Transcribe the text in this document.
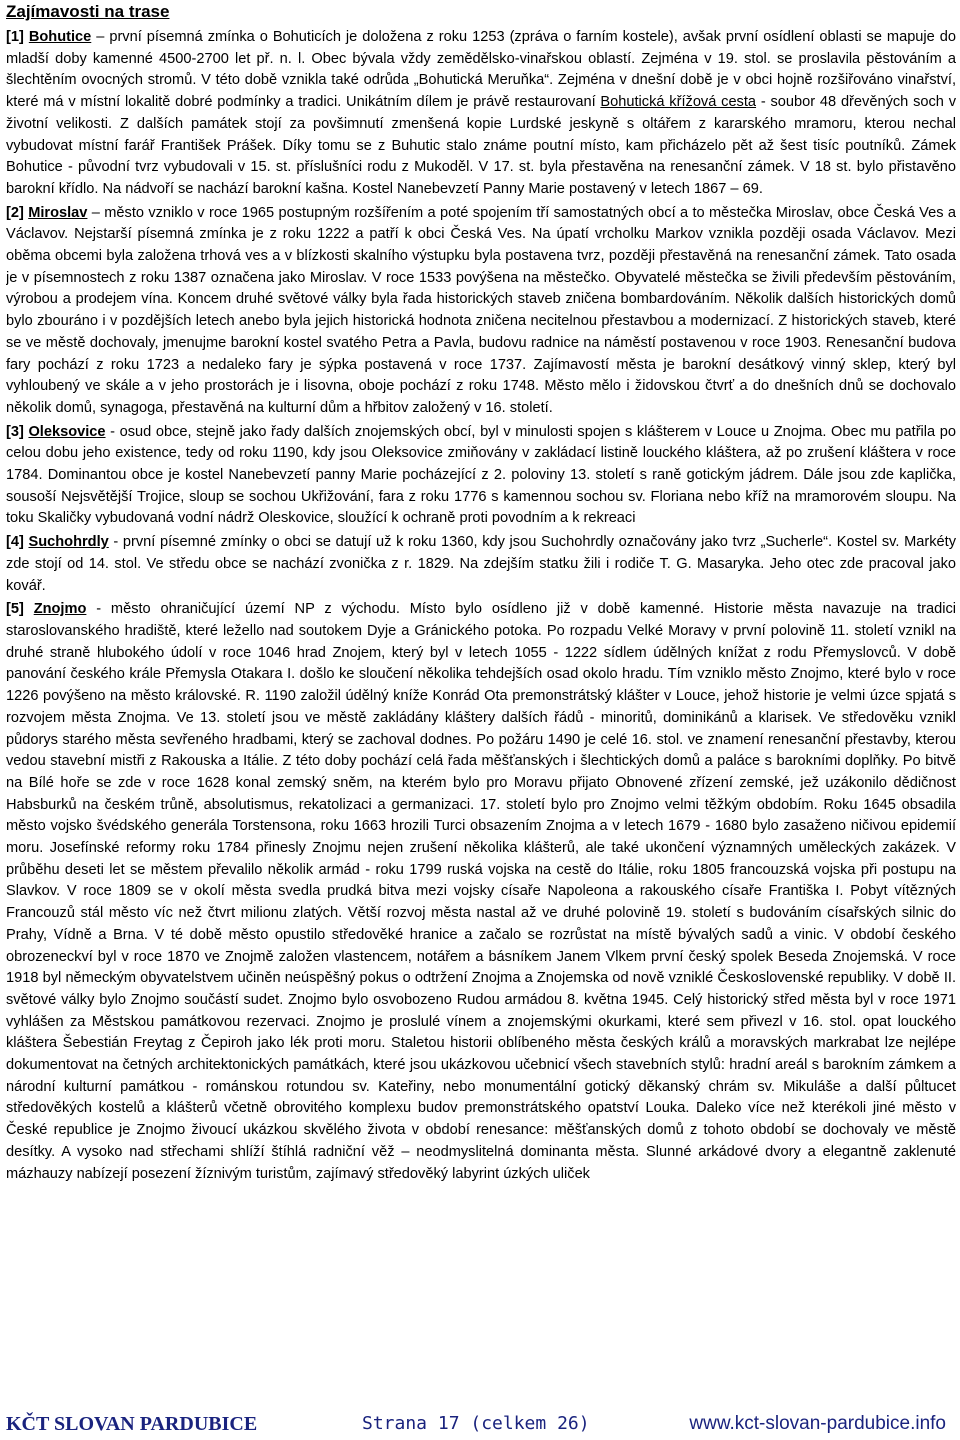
Zajímavosti na trase

[1] Bohutice – první písemná zmínka o Bohuticích je doložena z roku 1253 (zpráva o farním kostele), avšak první osídlení oblasti se mapuje do mladší doby kamenné 4500-2700 let př. n. l. Obec bývala vždy zemědělsko-vinařskou oblastí. Zejména v 19. stol. se proslavila pěstováním a šlechtěním ovocných stromů. V této době vznikla také odrůda „Bohutická Meruňka“. Zejména v dnešní době je v obci hojně rozšiřováno vinařství, které má v místní lokalitě dobré podmínky a tradici. Unikátním dílem je právě restaurovaní Bohutická křížová cesta - soubor 48 dřevěných soch v životní velikosti. Z dalších památek stojí za povšimnutí zmenšená kopie Lurdské jeskyně s oltářem z kararského mramoru, kterou nechal vybudovat místní farář František Prášek. Díky tomu se z Buhutic stalo známe poutní místo, kam přicházelo pět až šest tisíc poutníků. Zámek Bohutice - původní tvrz vybudovali v 15. st. příslušníci rodu z Mukoděl. V 17. st. byla přestavěna na renesanční zámek. V 18 st. bylo přistavěno barokní křídlo. Na nádvoří se nachází barokní kašna. Kostel Nanebevzetí Panny Marie postavený v letech 1867 – 69.

[2] Miroslav – město vzniklo v roce 1965 postupným rozšířením a poté spojením tří samostatných obcí a to městečka Miroslav, obce Česká Ves a Václavov. Nejstarší písemná zmínka je z roku 1222 a patří k obci Česká Ves. Na úpatí vrcholku Markov vznikla později osada Václavov. Mezi oběma obcemi byla založena trhová ves a v blízkosti skalního výstupku byla postavena tvrz, později přestavěná na renesanční zámek. Tato osada je v písemnostech z roku 1387 označena jako Miroslav. V roce 1533 povýšena na městečko. Obyvatelé městečka se živili především pěstováním, výrobou a prodejem vína. Koncem druhé světové války byla řada historických staveb zničena bombardováním. Několik dalších historických domů bylo zbouráno i v pozdějších letech anebo byla jejich historická hodnota zničena necitelnou přestavbou a modernizací. Z historických staveb, které se ve městě dochovaly, jmenujme barokní kostel svatého Petra a Pavla, budovu radnice na náměstí postavenou v roce 1903. Renesanční budova fary pochází z roku 1723 a nedaleko fary je sýpka postavená v roce 1737. Zajímavostí města je barokní desátkový vinný sklep, který byl vyhloubený ve skále a v jeho prostorách je i lisovna, oboje pochází z roku 1748. Město mělo i židovskou čtvrť a do dnešních dnů se dochovalo několik domů, synagoga, přestavěná na kulturní dům a hřbitov založený v 16. století.

[3] Oleksovice - osud obce, stejně jako řady dalších znojemských obcí, byl v minulosti spojen s klášterem v Louce u Znojma. Obec mu patřila po celou dobu jeho existence, tedy od roku 1190, kdy jsou Oleksovice zmiňovány v zakládací listině louckého kláštera, až po zrušení kláštera v roce 1784. Dominantou obce je kostel Nanebevzetí panny Marie pocházející z 2. poloviny 13. století s raně gotickým jádrem. Dále jsou zde kaplička, sousoší Nejsvětější Trojice, sloup se sochou Ukřižování, fara z roku 1776 s kamennou sochou sv. Floriana nebo kříž na mramorovém sloupu. Na toku Skaličky vybudovaná vodní nádrž Oleskovice, sloužící k ochraně proti povodním a k rekreaci

[4] Suchohrdly - první písemné zmínky o obci se datují už k roku 1360, kdy jsou Suchohrdly označovány jako tvrz „Sucherle“. Kostel sv. Markéty zde stojí od 14. stol. Ve středu obce se nachází zvonička z r. 1829. Na zdejším statku žili i rodiče T. G. Masaryka. Jeho otec zde pracoval jako kovář.

[5] Znojmo - město ohraničující území NP z východu. Místo bylo osídleno již v době kamenné. Historie města navazuje na tradici staroslovanského hradiště, které ležello nad soutokem Dyje a Gránického potoka. Po rozpadu Velké Moravy v první polovině 11. století vznikl na druhé straně hlubokého údolí v roce 1046 hrad Znojem, který byl v letech 1055 - 1222 sídlem údělných knížat z rodu Přemyslovců. V době panování českého krále Přemysla Otakara I. došlo ke sloučení několika tehdejších osad okolo hradu. Tím vzniklo město Znojmo, které bylo v roce 1226 povýšeno na město královské. R. 1190 založil údělný kníže Konrád Ota premonstrátský klášter v Louce, jehož historie je velmi úzce spjatá s rozvojem města Znojma. Ve 13. století jsou ve městě zakládány kláštery dalších řádů - minoritů, dominikánů a klarisek. Ve středověku vznikl půdorys starého města sevřeného hradbami, který se zachoval dodnes. Po požáru 1490 je celé 16. stol. ve znamení renesanční přestavby, kterou vedou stavební mistři z Rakouska a Itálie. Z této doby pochází celá řada měšťanských i šlechtických domů a paláce s barokními doplňky. Po bitvě na Bílé hoře se zde v roce 1628 konal zemský sněm, na kterém bylo pro Moravu přijato Obnovené zřízení zemské, jež uzákonilo dědičnost Habsburků na českém trůně, absolutismus, rekatolizaci a germanizaci. 17. století bylo pro Znojmo velmi těžkým obdobím. Roku 1645 obsadila město vojsko švédského generála Torstensona, roku 1663 hrozili Turci obsazením Znojma a v letech 1679 - 1680 bylo zasaženo ničivou epidemií moru. Josefínské reformy roku 1784 přinesly Znojmu nejen zrušení několika klášterů, ale také ukončení významných uměleckých zakázek. V průběhu deseti let se městem převalilo několik armád - roku 1799 ruská vojska na cestě do Itálie, roku 1805 francouzská vojska při postupu na Slavkov. V roce 1809 se v okolí města svedla prudká bitva mezi vojsky císaře Napoleona a rakouského císaře Františka I. Pobyt vítězných Francouzů stál město víc než čtvrt milionu zlatých. Větší rozvoj města nastal až ve druhé polovině 19. století s budováním císařských silnic do Prahy, Vídně a Brna. V té době město opustilo středověké hranice a začalo se rozrůstat na místě bývalých sadů a vinic. V období českého obrozeneckví byl v roce 1870 ve Znojmě založen vlastencem, notářem a básníkem Janem Vlkem první český spolek Beseda Znojemská. V roce 1918 byl německým obyvatelstvem učiněn neúspěšný pokus o odtržení Znojma a Znojemska od nově vzniklé Československé republiky. V době II. světové války bylo Znojmo součástí sudet. Znojmo bylo osvobozeno Rudou armádou 8. května 1945. Celý historický střed města byl v roce 1971 vyhlášen za Městskou památkovou rezervaci. Znojmo je proslulé vínem a znojemskými okurkami, které sem přivezl v 16. stol. opat louckého kláštera Šebestián Freytag z Čepiroh jako lék proti moru. Staletou historii oblíbeného města českých králů a moravských markrabat lze nejlépe dokumentovat na četných architektonických památkách, které jsou ukázkovou učebnicí všech stavebních stylů: hradní areál s barokním zámkem a národní kulturní památkou - románskou rotundou sv. Kateřiny, nebo monumentální gotický děkanský chrám sv. Mikuláše a další půltucet středověkých kostelů a klášterů včetně obrovitého komplexu budov premonstrátského opatství Louka. Daleko více než kterékoli jiné město v České republice je Znojmo živoucí ukázkou skvělého života v období renesance: měšťanských domů z tohoto období se dochovaly ve městě desítky. A vysoko nad střechami shlíží štíhlá radniční věž – neodmyslitelná dominanta města. Slunné arkádové dvory a elegantně zaklenuté mázhauzy nabízejí posezení žíznivým turistům, zajímavý středověký labyrint úzkých uliček

KČT SLOVAN PARDUBICE	Strana 17 (celkem 26)	www.kct-slovan-pardubice.info
